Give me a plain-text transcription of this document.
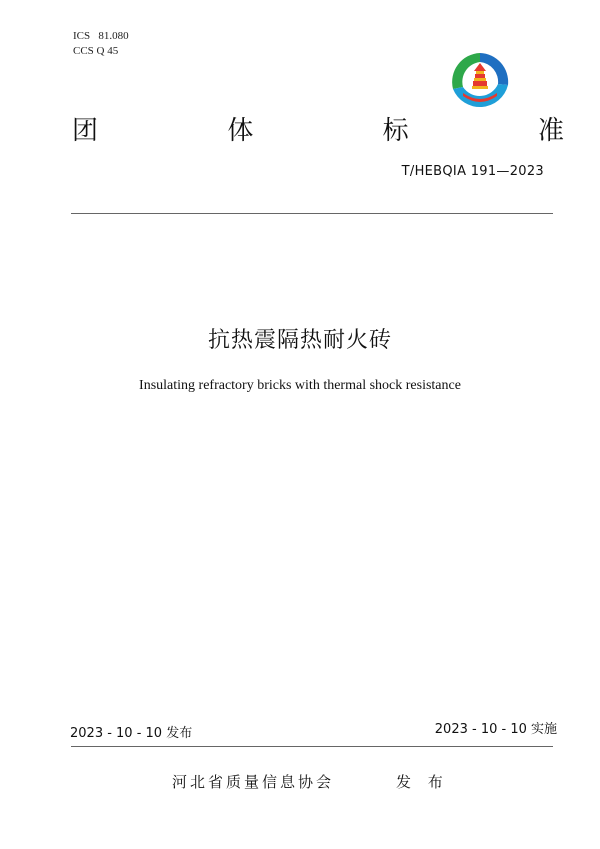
ICS   81.080
CCS Q 45
团	体	标	准
T/HEBQIA 191—2023
抗热震隔热耐火砖
Insulating refractory bricks with thermal shock resistance
2023 - 10 - 10 发布	2023 - 10 - 10 实施
河北省质量信息协会	发 布
